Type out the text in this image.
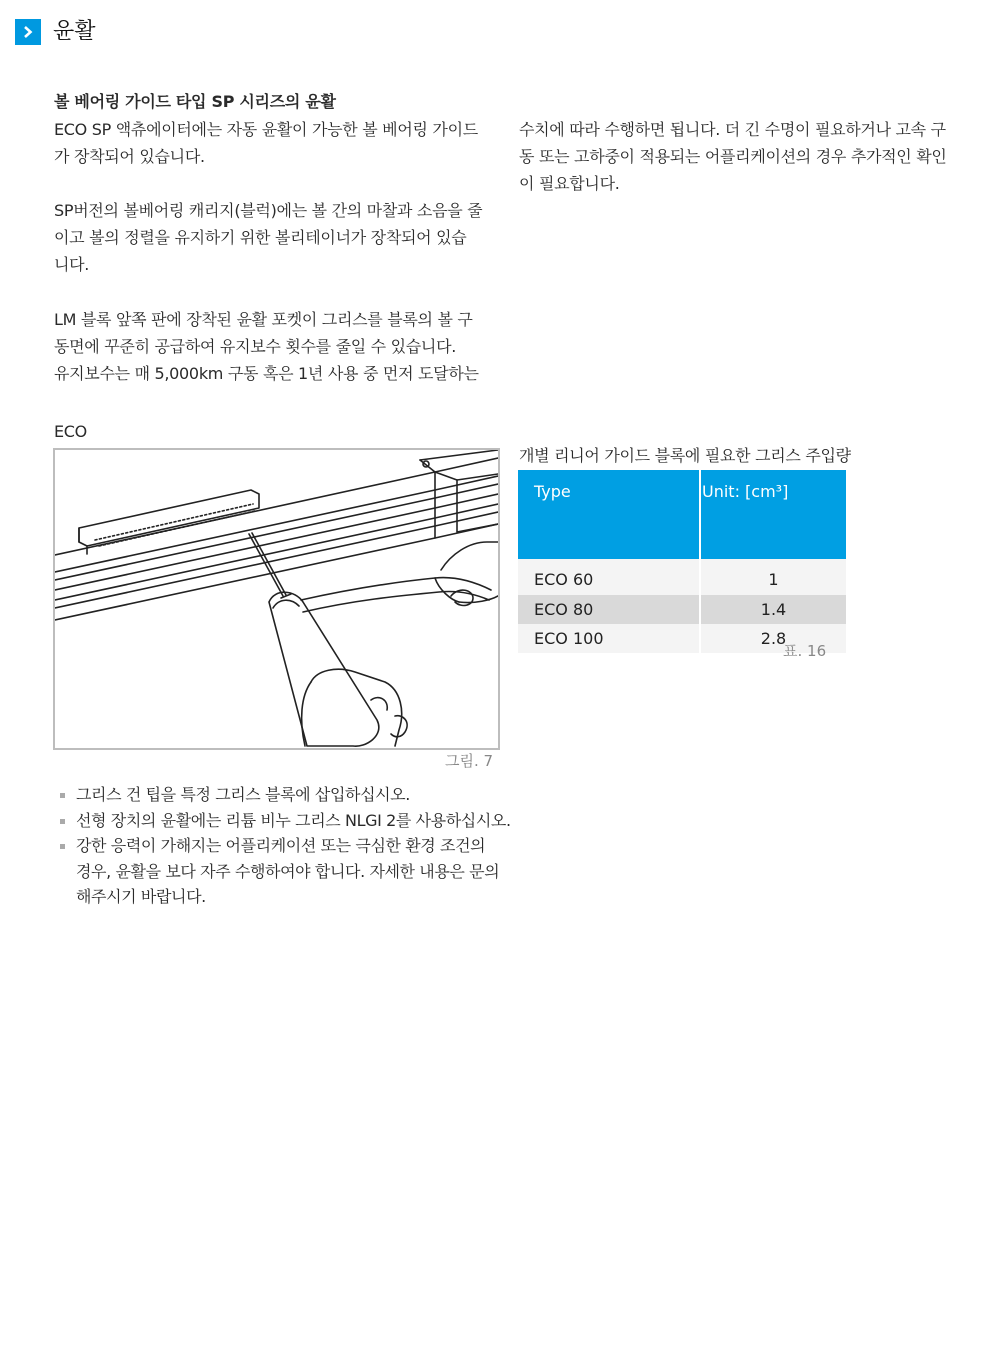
윤활
볼 베어링 가이드 타입 SP 시리즈의 윤활
ECO SP 액츄에이터에는 자동 윤활이 가능한 볼 베어링 가이드
가 장착되어 있습니다.
SP버전의 볼베어링 캐리지(블럭)에는 볼 간의 마찰과 소음을 줄
이고 볼의 정렬을 유지하기 위한 볼리테이너가 장착되어 있습
니다.
LM 블록 앞쪽 판에 장착된 윤활 포켓이 그리스를 블록의 볼 구
동면에 꾸준히 공급하여 유지보수 횟수를 줄일 수 있습니다.
유지보수는 매 5,000km 구동 혹은 1년 사용 중 먼저 도달하는
수치에 따라 수행하면 됩니다. 더 긴 수명이 필요하거나 고속 구
동 또는 고하중이 적용되는 어플리케이션의 경우 추가적인 확인
이 필요합니다.
ECO
그림. 7
그리스 건 팁을 특정 그리스 블록에 삽입하십시오.
선형 장치의 윤활에는 리튬 비누 그리스 NLGI 2를 사용하십시오.
강한 응력이 가해지는 어플리케이션 또는 극심한 환경 조건의
경우, 윤활을 보다 자주 수행하여야 합니다. 자세한 내용은 문의
해주시기 바랍니다.
개별 리니어 가이드 블록에 필요한 그리스 주입량
Type	Unit: [cm³]
ECO 60	1
ECO 80	1.4
ECO 100	2.8
표. 16
